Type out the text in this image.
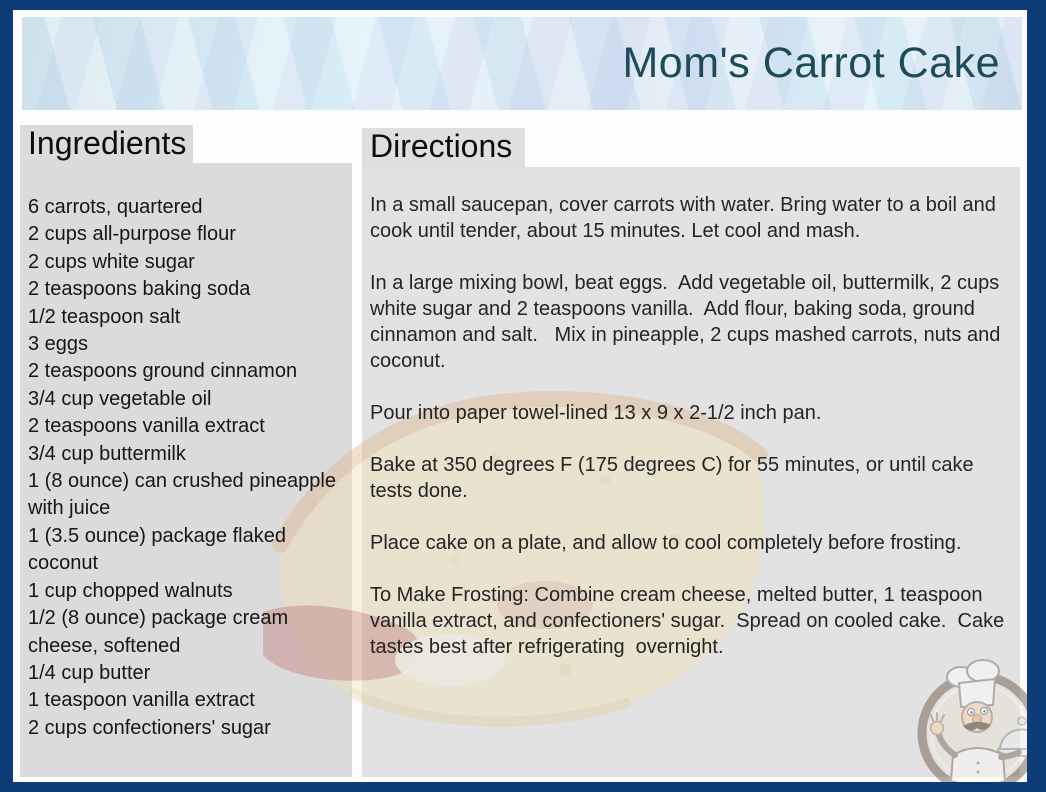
Mom's Carrot Cake
Ingredients	Directions
6 carrots, quartered
2 cups all-purpose flour
2 cups white sugar
2 teaspoons baking soda
1/2 teaspoon salt
3 eggs
2 teaspoons ground cinnamon
3/4 cup vegetable oil
2 teaspoons vanilla extract
3/4 cup buttermilk
1 (8 ounce) can crushed pineapple with juice
1 (3.5 ounce) package flaked coconut
1 cup chopped walnuts
1/2 (8 ounce) package cream cheese, softened
1/4 cup butter
1 teaspoon vanilla extract
2 cups confectioners' sugar

In a small saucepan, cover carrots with water. Bring water to a boil and cook until tender, about 15 minutes. Let cool and mash.

In a large mixing bowl, beat eggs.  Add vegetable oil, buttermilk, 2 cups white sugar and 2 teaspoons vanilla.  Add flour, baking soda, ground cinnamon and salt.   Mix in pineapple, 2 cups mashed carrots, nuts and coconut.

Pour into paper towel-lined 13 x 9 x 2-1/2 inch pan.

Bake at 350 degrees F (175 degrees C) for 55 minutes, or until cake tests done.

Place cake on a plate, and allow to cool completely before frosting.

To Make Frosting: Combine cream cheese, melted butter, 1 teaspoon vanilla extract, and confectioners' sugar.  Spread on cooled cake.  Cake tastes best after refrigerating  overnight.
